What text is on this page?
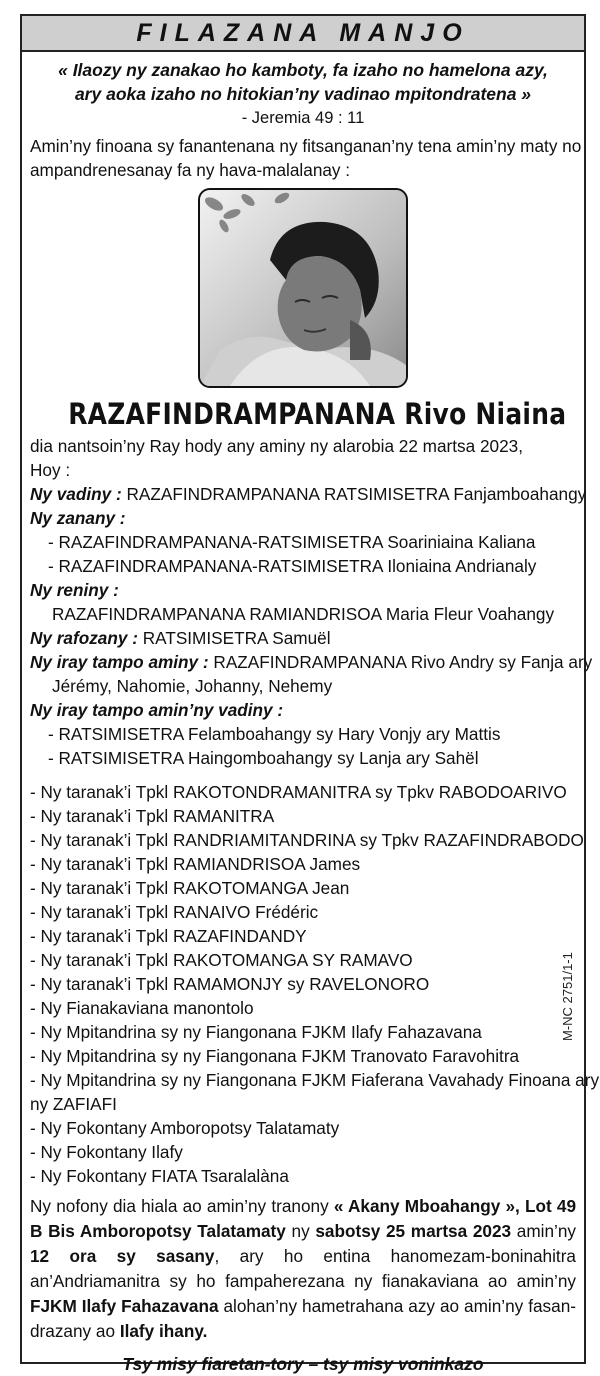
FILAZANA MANJO
« Ilaozy ny zanakao ho kamboty, fa izaho no hamelona azy,
ary aoka izaho no hitokian’ny vadinao mpitondratena »
- Jeremia 49 : 11
Amin’ny finoana sy fanantenana ny fitsanganan’ny tena amin’ny maty no
ampandrenesanay fa ny hava-malalanay :
RAZAFINDRAMPANANA Rivo Niaina
dia nantsoin’ny Ray hody any aminy ny alarobia 22 martsa 2023,
Hoy :
Ny vadiny : RAZAFINDRAMPANANA RATSIMISETRA Fanjamboahangy
Ny zanany :
- RAZAFINDRAMPANANA-RATSIMISETRA Soariniaina Kaliana
- RAZAFINDRAMPANANA-RATSIMISETRA Iloniaina Andrianaly
Ny reniny :
RAZAFINDRAMPANANA RAMIANDRISOA Maria Fleur Voahangy
Ny rafozany : RATSIMISETRA Samuël
Ny iray tampo aminy : RAZAFINDRAMPANANA Rivo Andry sy Fanja ary
Jérémy, Nahomie, Johanny, Nehemy
Ny iray tampo amin’ny vadiny :
- RATSIMISETRA Felamboahangy sy Hary Vonjy ary Mattis
- RATSIMISETRA Haingomboahangy sy Lanja ary Sahël
- Ny taranak’i Tpkl RAKOTONDRAMANITRA sy Tpkv RABODOARIVO
- Ny taranak’i Tpkl RAMANITRA
- Ny taranak’i Tpkl RANDRIAMITANDRINA sy Tpkv RAZAFINDRABODO
- Ny taranak’i Tpkl RAMIANDRISOA James
- Ny taranak’i Tpkl RAKOTOMANGA Jean
- Ny taranak’i Tpkl RANAIVO Frédéric
- Ny taranak’i Tpkl RAZAFINDANDY
- Ny taranak’i Tpkl RAKOTOMANGA SY RAMAVO
- Ny taranak’i Tpkl RAMAMONJY sy RAVELONORO
- Ny Fianakaviana manontolo
- Ny Mpitandrina sy ny Fiangonana FJKM Ilafy Fahazavana
- Ny Mpitandrina sy ny Fiangonana FJKM Tranovato Faravohitra
- Ny Mpitandrina sy ny Fiangonana FJKM Fiaferana Vavahady Finoana ary
ny ZAFIAFI
- Ny Fokontany Amboropotsy Talatamaty
- Ny Fokontany Ilafy
- Ny Fokontany FIATA Tsaralalàna
Ny nofony dia hiala ao amin’ny tranony « Akany Mboahangy », Lot 49 B Bis Amboropotsy Talatamaty ny sabotsy 25 martsa 2023 amin’ny 12 ora sy sasany, ary ho entina hanomezam-boninahitra an’Andriamanitra sy ho fampaherezana ny fianakaviana ao amin’ny FJKM Ilafy Fahazavana alohan’ny hametrahana azy ao amin’ny fasan-drazany ao Ilafy ihany.
Tsy misy fiaretan-tory – tsy misy voninkazo
M-NC 2751/1-1
